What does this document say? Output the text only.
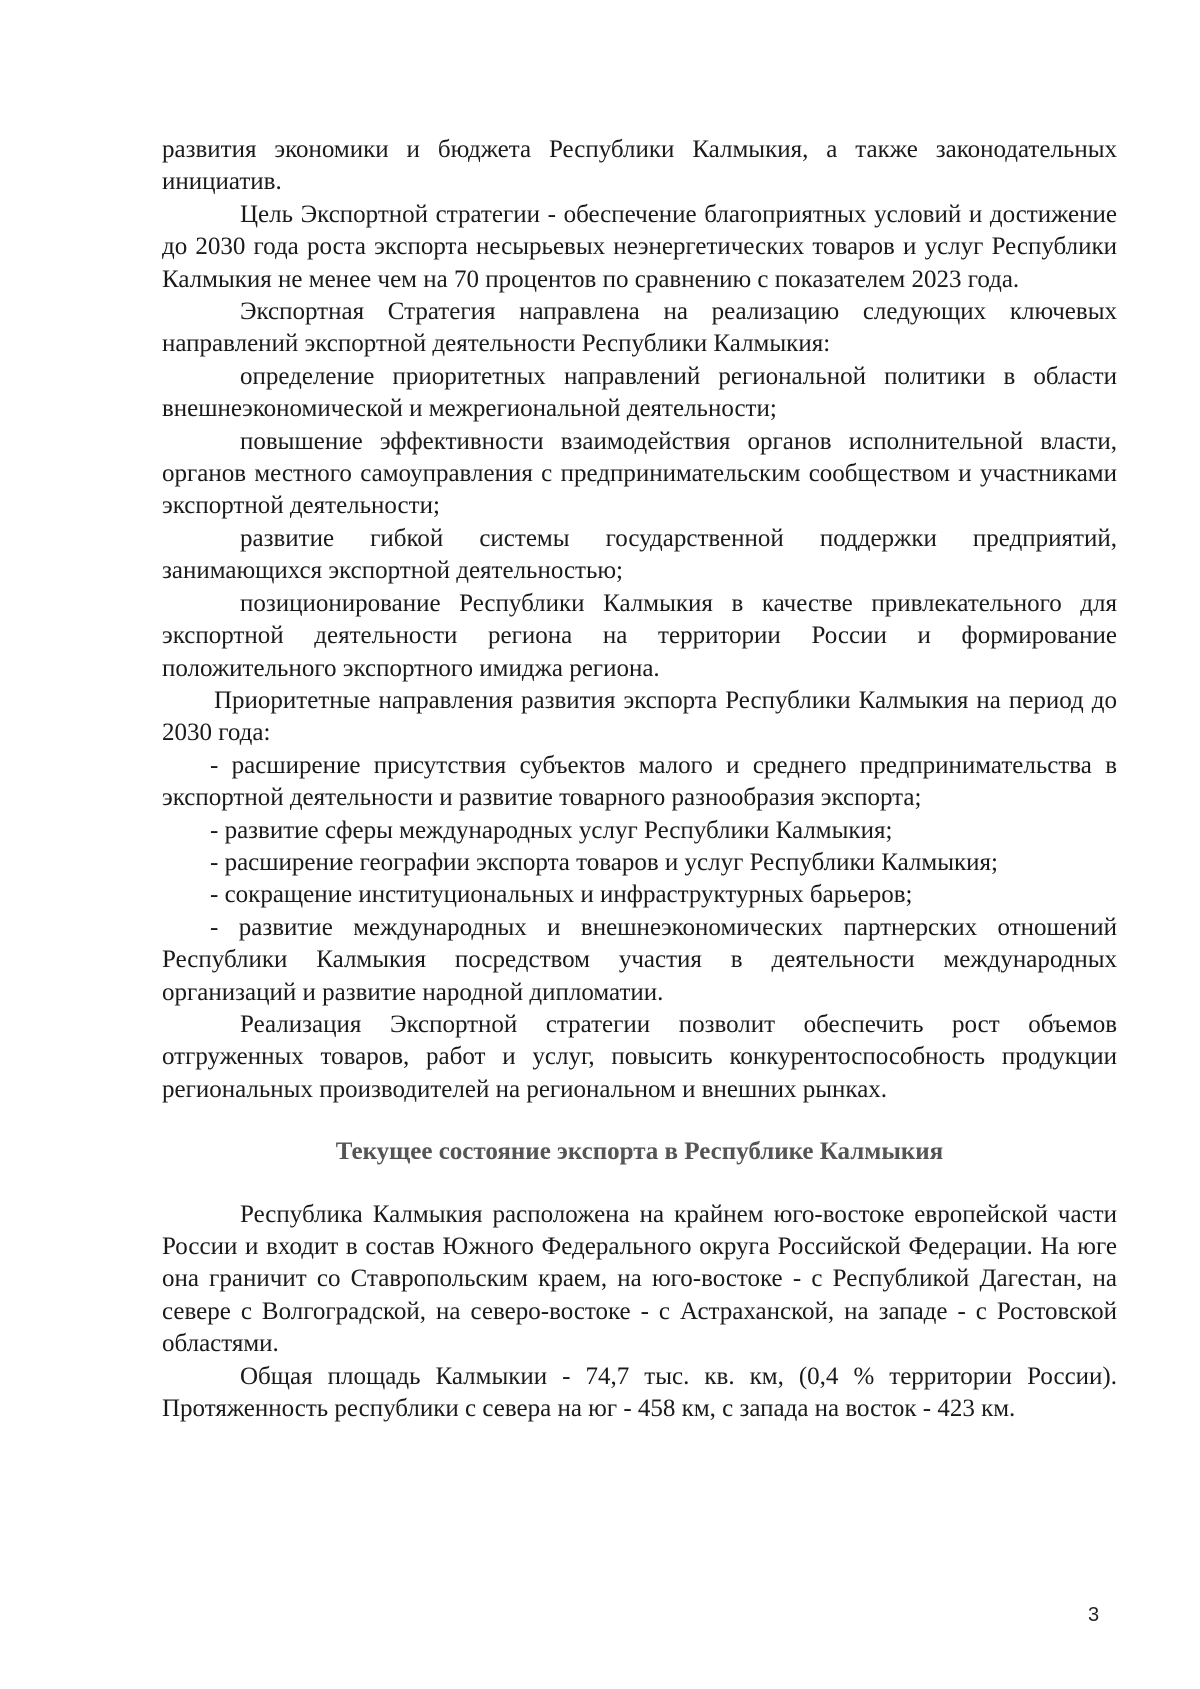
развития экономики и бюджета Республики Калмыкия, а также законодательных инициатив.

Цель Экспортной стратегии - обеспечение благоприятных условий и достижение до 2030 года роста экспорта несырьевых неэнергетических товаров и услуг Республики Калмыкия не менее чем на 70 процентов по сравнению с показателем 2023 года.

Экспортная Стратегия направлена на реализацию следующих ключевых направлений экспортной деятельности Республики Калмыкия:

определение приоритетных направлений региональной политики в области внешнеэкономической и межрегиональной деятельности;

повышение эффективности взаимодействия органов исполнительной власти, органов местного самоуправления с предпринимательским сообществом и участниками экспортной деятельности;

развитие гибкой системы государственной поддержки предприятий, занимающихся экспортной деятельностью;

позиционирование Республики Калмыкия в качестве привлекательного для экспортной деятельности региона на территории России и формирование положительного экспортного имиджа региона.

Приоритетные направления развития экспорта Республики Калмыкия на период до 2030 года:

- расширение присутствия субъектов малого и среднего предпринимательства в экспортной деятельности и развитие товарного разнообразия экспорта;

- развитие сферы международных услуг Республики Калмыкия;

- расширение географии экспорта товаров и услуг Республики Калмыкия;

- сокращение институциональных и инфраструктурных барьеров;

- развитие международных и внешнеэкономических партнерских отношений Республики Калмыкия посредством участия в деятельности международных организаций и развитие народной дипломатии.

Реализация Экспортной стратегии позволит обеспечить рост объемов отгруженных товаров, работ и услуг, повысить конкурентоспособность продукции региональных производителей на региональном и внешних рынках.

Текущее состояние экспорта в Республике Калмыкия

Республика Калмыкия расположена на крайнем юго-востоке европейской части России и входит в состав Южного Федерального округа Российской Федерации. На юге она граничит со Ставропольским краем, на юго-востоке - с Республикой Дагестан, на севере с Волгоградской, на северо-востоке - с Астраханской, на западе - с Ростовской областями.

Общая площадь Калмыкии - 74,7 тыс. кв. км, (0,4 % территории России). Протяженность республики с севера на юг - 458 км, с запада на восток - 423 км.

3
